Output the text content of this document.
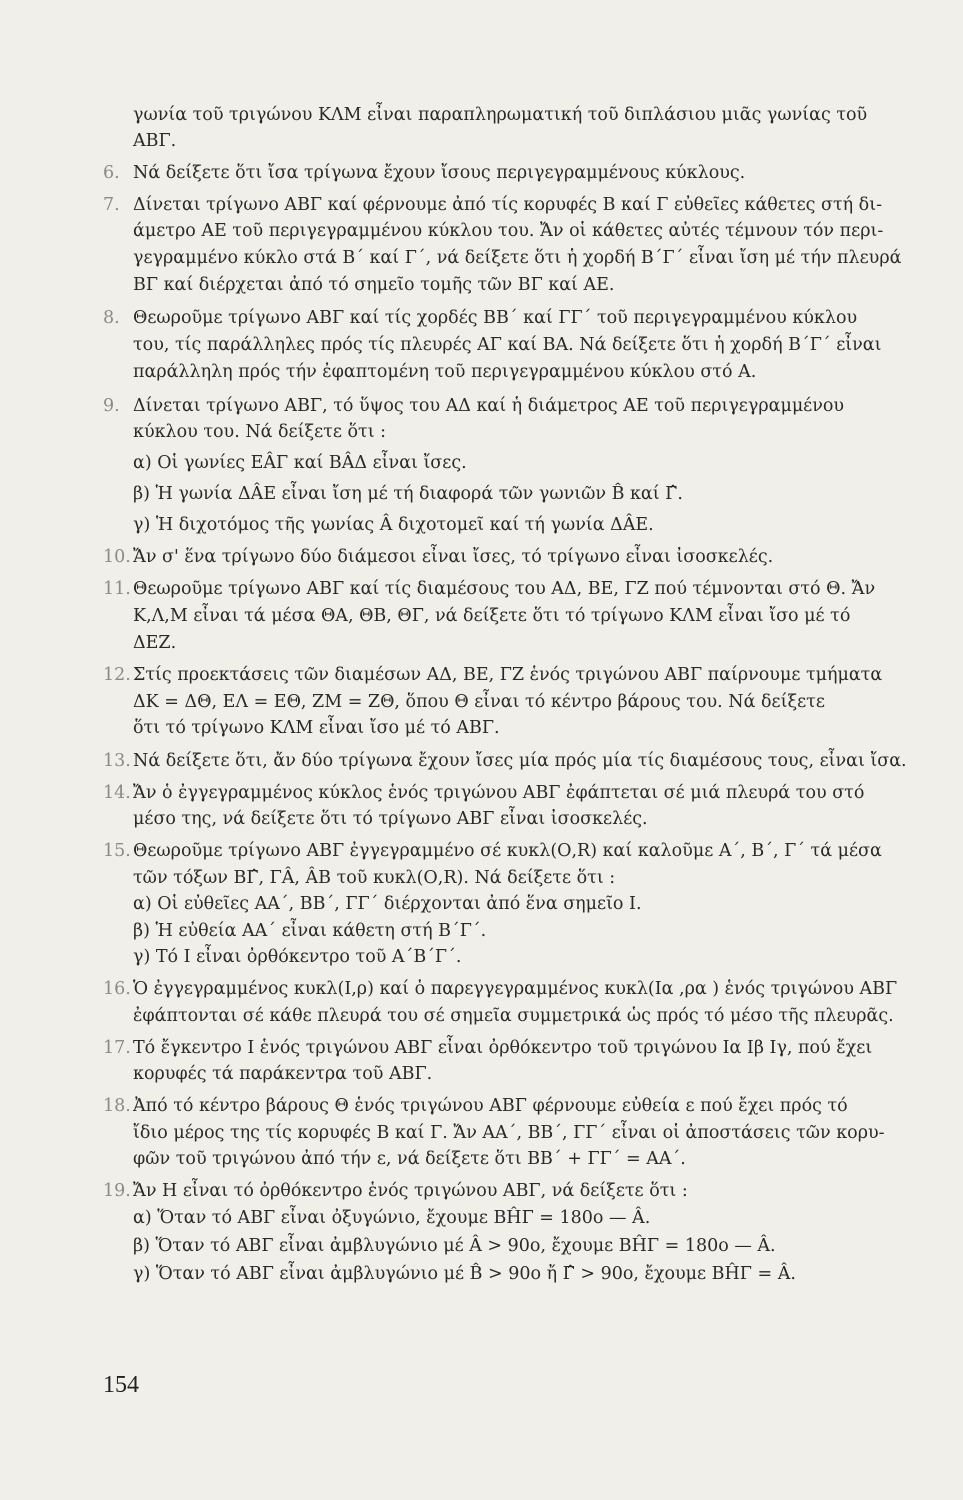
γωνία τοῦ τριγώνου ΚΛΜ εἶναι παραπληρωματική τοῦ διπλάσιου μιᾶς γωνίας τοῦ
ΑΒΓ.
6. Νά δείξετε ὅτι ἴσα τρίγωνα ἔχουν ἴσους περιγεγραμμένους κύκλους.
7. Δίνεται τρίγωνο ΑΒΓ καί φέρνουμε ἀπό τίς κορυφές Β καί Γ εὐθεῖες κάθετες στή δι-
άμετρο ΑΕ τοῦ περιγεγραμμένου κύκλου του. Ἄν οἱ κάθετες αὐτές τέμνουν τόν περι-
γεγραμμένο κύκλο στά Β΄ καί Γ΄, νά δείξετε ὅτι ἡ χορδή Β΄Γ΄ εἶναι ἴση μέ τήν πλευρά
ΒΓ καί διέρχεται ἀπό τό σημεῖο τομῆς τῶν ΒΓ καί ΑΕ.
8. Θεωροῦμε τρίγωνο ΑΒΓ καί τίς χορδές ΒΒ΄ καί ΓΓ΄ τοῦ περιγεγραμμένου κύκλου
του, τίς παράλληλες πρός τίς πλευρές ΑΓ καί ΒΑ. Νά δείξετε ὅτι ἡ χορδή Β΄Γ΄ εἶναι
παράλληλη πρός τήν ἐφαπτομένη τοῦ περιγεγραμμένου κύκλου στό Α.
9. Δίνεται τρίγωνο ΑΒΓ, τό ὕψος του ΑΔ καί ἡ διάμετρος ΑΕ τοῦ περιγεγραμμένου
κύκλου του. Νά δείξετε ὅτι :
α) Οἱ γωνίες ΕÂΓ καί ΒÂΔ εἶναι ἴσες.
β) Ἡ γωνία ΔÂΕ εἶναι ἴση μέ τή διαφορά τῶν γωνιῶν B̂ καί Γ̂.
γ) Ἡ διχοτόμος τῆς γωνίας Â διχοτομεῖ καί τή γωνία ΔÂΕ.
10. Ἄν σ' ἕνα τρίγωνο δύο διάμεσοι εἶναι ἴσες, τό τρίγωνο εἶναι ἰσοσκελές.
11. Θεωροῦμε τρίγωνο ΑΒΓ καί τίς διαμέσους του ΑΔ, ΒΕ, ΓΖ πού τέμνονται στό Θ. Ἄν
Κ,Λ,Μ εἶναι τά μέσα ΘΑ, ΘΒ, ΘΓ, νά δείξετε ὅτι τό τρίγωνο ΚΛΜ εἶναι ἴσο μέ τό
ΔΕΖ.
12. Στίς προεκτάσεις τῶν διαμέσων ΑΔ, ΒΕ, ΓΖ ἑνός τριγώνου ΑΒΓ παίρνουμε τμήματα
ΔΚ = ΔΘ, ΕΛ = ΕΘ, ΖΜ = ΖΘ, ὅπου Θ εἶναι τό κέντρο βάρους του. Νά δείξετε
ὅτι τό τρίγωνο ΚΛΜ εἶναι ἴσο μέ τό ΑΒΓ.
13. Νά δείξετε ὅτι, ἄν δύο τρίγωνα ἔχουν ἴσες μία πρός μία τίς διαμέσους τους, εἶναι ἴσα.
14. Ἄν ὁ ἐγγεγραμμένος κύκλος ἑνός τριγώνου ΑΒΓ ἐφάπτεται σέ μιά πλευρά του στό
μέσο της, νά δείξετε ὅτι τό τρίγωνο ΑΒΓ εἶναι ἰσοσκελές.
15. Θεωροῦμε τρίγωνο ΑΒΓ ἐγγεγραμμένο σέ κυκλ(Ο,R) καί καλοῦμε Α΄, Β΄, Γ΄ τά μέσα
τῶν τόξων ΒΓ̂, ΓÂ, ÂΒ τοῦ κυκλ(Ο,R). Νά δείξετε ὅτι :
α) Οἱ εὐθεῖες ΑΑ΄, ΒΒ΄, ΓΓ΄ διέρχονται ἀπό ἕνα σημεῖο Ι.
β) Ἡ εὐθεία ΑΑ΄ εἶναι κάθετη στή Β΄Γ΄.
γ) Τό Ι εἶναι ὀρθόκεντρο τοῦ Α΄Β΄Γ΄.
16. Ὁ ἐγγεγραμμένος κυκλ(Ι,ρ) καί ὁ παρεγγεγραμμένος κυκλ(Ια ,ρα ) ἑνός τριγώνου ΑΒΓ
ἐφάπτονται σέ κάθε πλευρά του σέ σημεῖα συμμετρικά ὡς πρός τό μέσο τῆς πλευρᾶς.
17. Τό ἔγκεντρο Ι ἑνός τριγώνου ΑΒΓ εἶναι ὀρθόκεντρο τοῦ τριγώνου Ια Ιβ Ιγ, πού ἔχει
κορυφές τά παράκεντρα τοῦ ΑΒΓ.
18. Ἀπό τό κέντρο βάρους Θ ἑνός τριγώνου ΑΒΓ φέρνουμε εὐθεία ε πού ἔχει πρός τό
ἴδιο μέρος της τίς κορυφές Β καί Γ. Ἄν ΑΑ΄, ΒΒ΄, ΓΓ΄ εἶναι οἱ ἀποστάσεις τῶν κορυ-
φῶν τοῦ τριγώνου ἀπό τήν ε, νά δείξετε ὅτι ΒΒ΄ + ΓΓ΄ = ΑΑ΄.
19. Ἄν Η εἶναι τό ὀρθόκεντρο ἑνός τριγώνου ΑΒΓ, νά δείξετε ὅτι :
α) Ὅταν τό ΑΒΓ εἶναι ὀξυγώνιο, ἔχουμε ΒĤΓ = 180ο — Â.
β) Ὅταν τό ΑΒΓ εἶναι ἀμβλυγώνιο μέ Â > 90ο, ἔχουμε ΒĤΓ = 180ο — Â.
γ) Ὅταν τό ΑΒΓ εἶναι ἀμβλυγώνιο μέ B̂ > 90ο ἤ Γ̂ > 90ο, ἔχουμε ΒĤΓ = Â.
154
